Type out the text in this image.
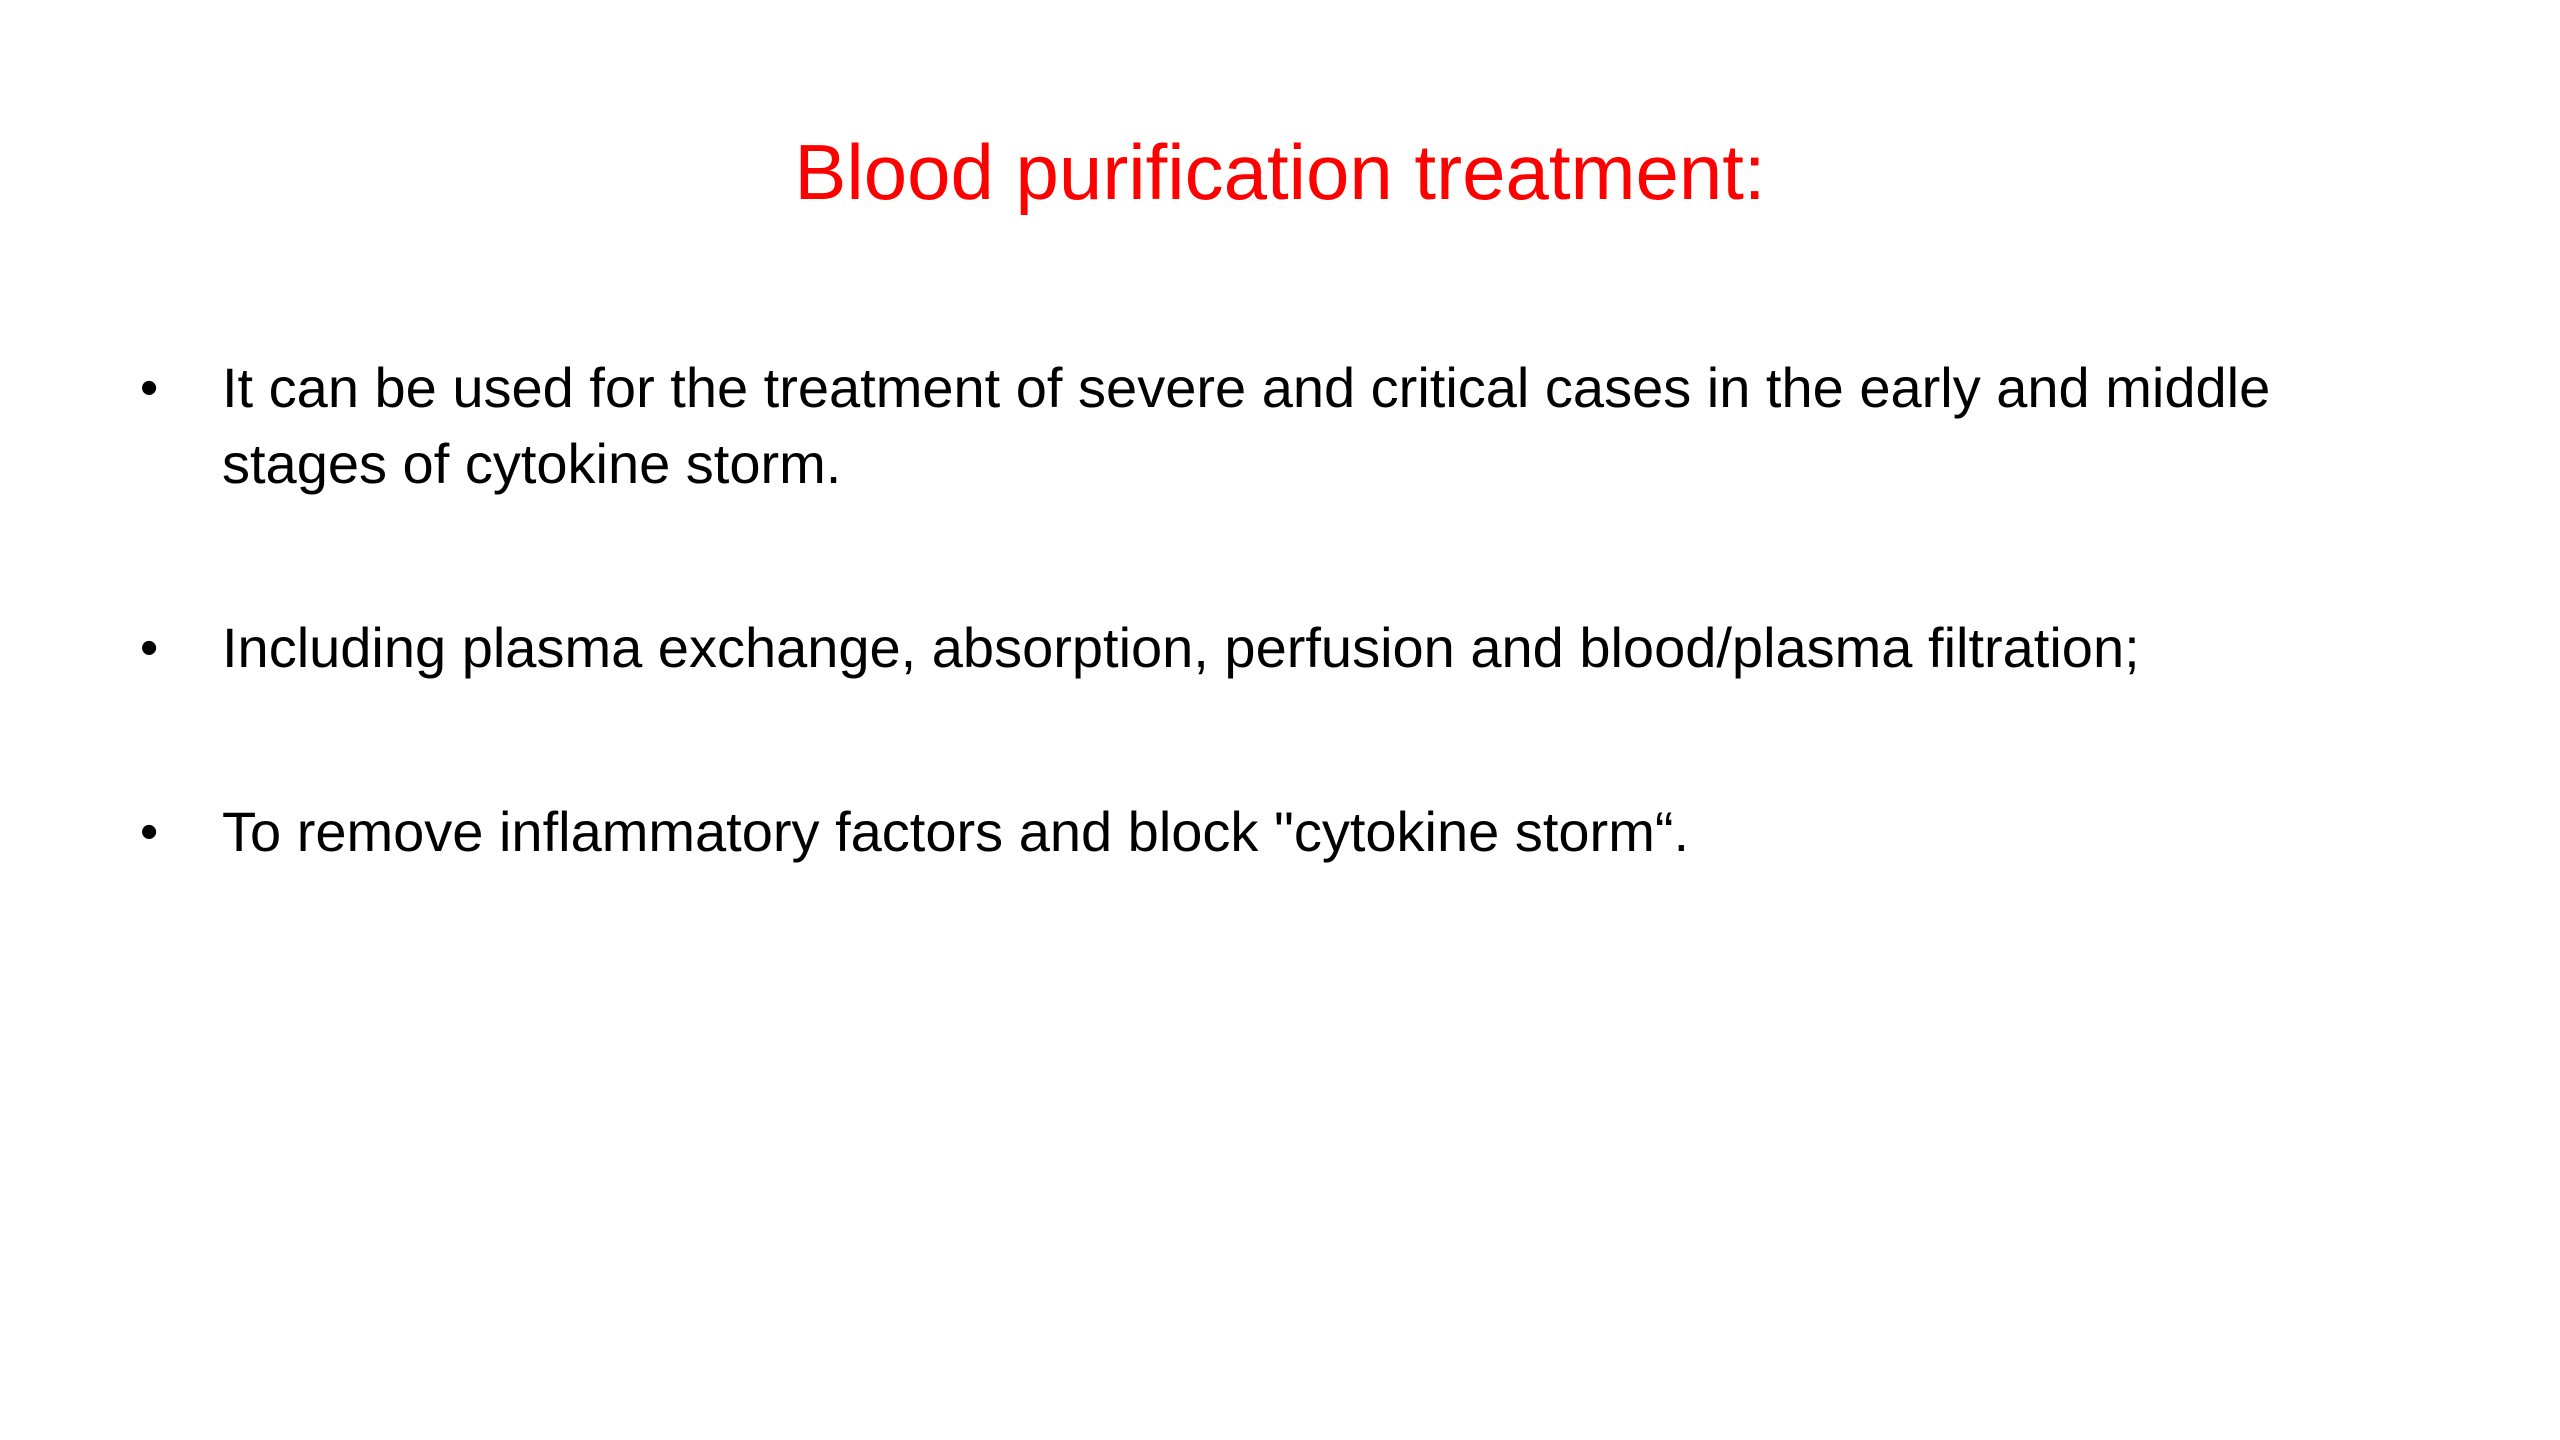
Blood purification treatment:
•	It can be used for the treatment of severe and critical cases in the early and middle stages of cytokine storm.
•	Including plasma exchange, absorption, perfusion and blood/plasma filtration;
•	To remove inflammatory factors and block "cytokine storm“.
